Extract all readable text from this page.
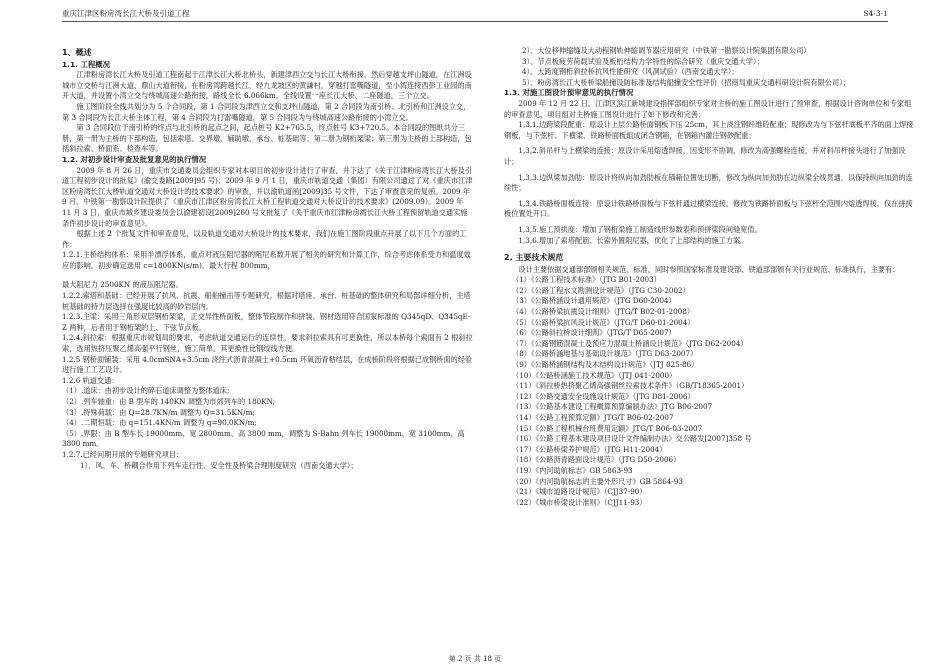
重庆江津区粉房湾长江大桥及引道工程	S4-3-1

1、概述

1.1. 工程概况

江津粉房湾长江大桥及引道工程南起于江津长江大桥北桥头，新建津西立交与长江大桥衔接，然后穿越支坪山隧道，在江洲设城市立交桥与江洲大道、鼎山大道衔接，在粉房湾跨越长江，经九龙坡区的黄謙村，穿越打雷嘴隧道，至小湾连接西彭工业园的南开大道，并设置小湾立交与绕城高速公路衔接，路线全长 6.066km。全线设置一座长江大桥，二座隧道，三个立交。

施工图阶段全线共划分为 5 个合同段，第 1 合同段为津西立交和支坪山隧道，第 2 合同段为南引桥、北引桥和江洲设立交，第 3 合同段为长江大桥主体工程，第 4 合同段为打雷嘴隧道，第 5 合同段为与绕城高速公路衔接的小湾立交。

第 3 合同段位于南引桥的终点与北引桥的起点之间，起点桩号 K2+765.5，终点桩号 K3+720.5。本合同段的图纸共分三册，第一册为主桥的下部构造，包括索塔、交界墩、辅助墩、承台、桩基础等；第二册为钢桁架梁；第三册为主桥的上部构造，包括斜拉索、桥面系、检查车等。

1.2. 对初步设计审查及批复意见的执行情况

2009 年 8 月 26 日，重庆市交通委员会组织专家对本项目的初步设计进行了审查，并下达了《关于江津粉房湾长江大桥及引道工程初步设计的批复》(渝交委路[2009]95 号)；2009 年 9 月 1 日，重庆市轨道交通（集团）有限公司通过了对《重庆市江津区粉房湾长江大桥轨道交通对大桥设计的技术要求》的审查，并以渝轨道函[2009]35 号文件，下达了审查意见的复函。2009 年 9 月，中铁第一勘察设计院提供了《重庆市江津区粉房湾长江大桥工程轨道交通对大桥设计的技术要求》(2009.09）。2009 年 11 月 3 日，重庆市城乡建设委员会以渝建初设[2009]260 号文批复了《关于重庆市江津粉房湾长江大桥工程预留轨道交通实施条件初步设计的审查意见》。

根据上述 2 个批复文件和审查意见，以及轨道交通对大桥设计的技术要求，我们在施工图阶段重点开展了以下几个方面的工作：

1.2.1.主桥结构体系：采用半漂浮体系，重点对液压阻尼器的阻尼系数开展了相关的研究和计算工作，综合考虑体系受力和温度效应的影响，初步确定选用 c=1800KN(s/m)，最大行程 800mm，

最大阻尼力 2500KN 的液压阻尼器。

1.2.2.索塔和基础：已经开展了抗风、抗震、船舶撞击等专题研究。根据对塔座、承台、桩基础的整体研究和局部详细分析，主塔桩基础的持力层选择在强度比较高的砂岩层内。

1.2.3.主梁：采用三角形双层钢桁架梁，正交异性桥面板，整体节段制作和拼装。钢材选用符合国家标准的 Q345qD、Q345qE-Z 两种，后者用于钢桁架的上、下弦节点板。

1.2.4.斜拉索：根据重庆市规划局的要求，考虑轨道交通运行的连续性，要求斜拉索具有可更换性，所以本桥每个索面有 2 根斜拉索，选用热挤压聚乙烯高强平行钢丝，施工简单，其更换性比钢绞线方便。

1.2.5 钢桥面铺装：采用 4.0cmSNA+3.5cm 浇注式沥青混凝土+0.5cm 环氧沥青粘结层，在成桥阶段将根据已成钢桥面的经验进行施工工艺设计。

1.2.6 轨道交通：

（1）.道床：由初步设计的碎石道床调整为整体道床;

（2）.列车轴重：由 B 型车的 140KN 调整为市郊列车的 180KN;

（3）.特殊荷载：由 Q=28.7KN/m 调整为 Q=31.5KN/m;

（4）.二期恒载：由 q=151.4KN/m 调整为 q=90.0KN/m;

（5）.界限：由 B 型车长 19000mm、宽 2800mm、高 3800 mm，调整为 S-Bahn 列车长 19000mm、宽 3100mm、高 3800 mm。

1.2.7.已经问期开展的专题研究项目：

1）、风、车、桥耦合作用下列车走行性、安全性及桥梁合理刚度研究（西南交通大学）；

2）、大位移伸缩缝及大动程钢轨伸缩调节器应用研究（中铁第一勘察设计院集团有限公司）

3）、节点板疲劳荷载试验及板桁结构力学特性的综合研究（重庆交通大学）；

4）、大跨度钢桁斜拉桥抗风性能研究（风洞试验）（西南交通大学）；

5）、粉房湾长江大桥桥梁船撞设防标准及结构船撞安全性评价（招商局重庆交通科研设计院有限公司）；

1.3. 对施工图设计预审意见的执行情况

2009 年 12 月 22 日，江津区滨江新城建设指挥部组织专家对主桥的施工图设计进行了预审查，根据设计咨询单位和专家组的审查意见，项目组对主桥施工图设计进行了如下修改和完善：

1,3,1.边跨梁段配重：原设计上层公路桥面钢板下压 25cm，其上浇注钢纤维砼配重；现修改为与下弦杆底板平齐的面上焊接钢板，与下弦杆、下横梁、铁路桥面板组成闭合钢箱，在钢箱内灌注钢砂配重；

1,3,2.斜吊杆与上横梁的连接：原设计采用熔透焊接，因变形不协调，修改为高强螺栓连接，并对斜吊杆接头进行了加强设计；

1,3,3.边纵梁加劲肋：原设计将纵向加劲肋板在锚箱位置处切断，修改为纵向加劲肋在边纵梁全线贯通，以保持纵向加劲的连续性；

1,3,4.铁路桥面板连接：原设计铁路桥面板与下弦杆通过横梁连接，修改为铁路桥面板与下弦杆全范围内熔透焊接，仅在拼接板位置处开口。

1,3,5.施工预拱度：增加了钢桁梁施工制造线形参数表和预拼梁段间缝宽值。

1,3,6.增加了索塔配筋、长索外置阻尼器，优化了上部结构的施工方案。

2. 主要技术规范

设计主要依据交通部部颁相关规范、标准，同时参照国家标准及建设部、铁道部部颁有关行业规范、标准执行，主要有：

（1）《公路工程技术标准》（JTG B01-2003）

（2）《公路工程水文勘测设计规范》（JTG C30-2002）

（3）《公路桥涵设计通用规范》（JTG D60-2004）

（4）《公路桥梁抗震设计细则》（JTG/T B02-01-2008）

（5）《公路桥梁抗风设计规范》（JTG/T D60-01-2004）

（6）《公路斜拉桥设计细则》（JTG/T D65-2007）

（7）《公路钢筋混凝土及预应力混凝土桥涵设计规范》（JTG D62-2004）

（8）《公路桥涵地基与基础设计规范》（JTG D63-2007）

（9）《公路桥涵钢结构及木结构设计规范》（JTJ 025-86）

（10）《公路桥涵施工技术规范》（JTJ 041-2000）

（11）《斜拉桥热挤聚乙烯高强钢丝拉索技术条件》（GB/T18365-2001）

（12）《公路交通安全设施设计规范》（JTG D81-2006）

（13）《公路基本建设工程概算预算编制办法》JTG B06-2007

（14）《公路工程预算定额》JTG/T B06-02-2007

（15）《公路工程机械台班费用定额》JTG/T B06-03-2007

（16）《公路工程基本建设项目设计文件编制办法》交公路发[2007]358 号

（17）《公路桥梁养护规范》（JTG H11-2004）

（18）《公路沥青路面设计规范》（JTG D50-2006）

（19）《内河助航标志》GB 5863-93

（20）《内河助航标志的主要外形尺寸》GB 5864-93

（21）《城市道路设计规范》（CJJ37-90）

（22）《城市桥梁设计准则》（CJJ11-93）

第 2 页 共 18 页
